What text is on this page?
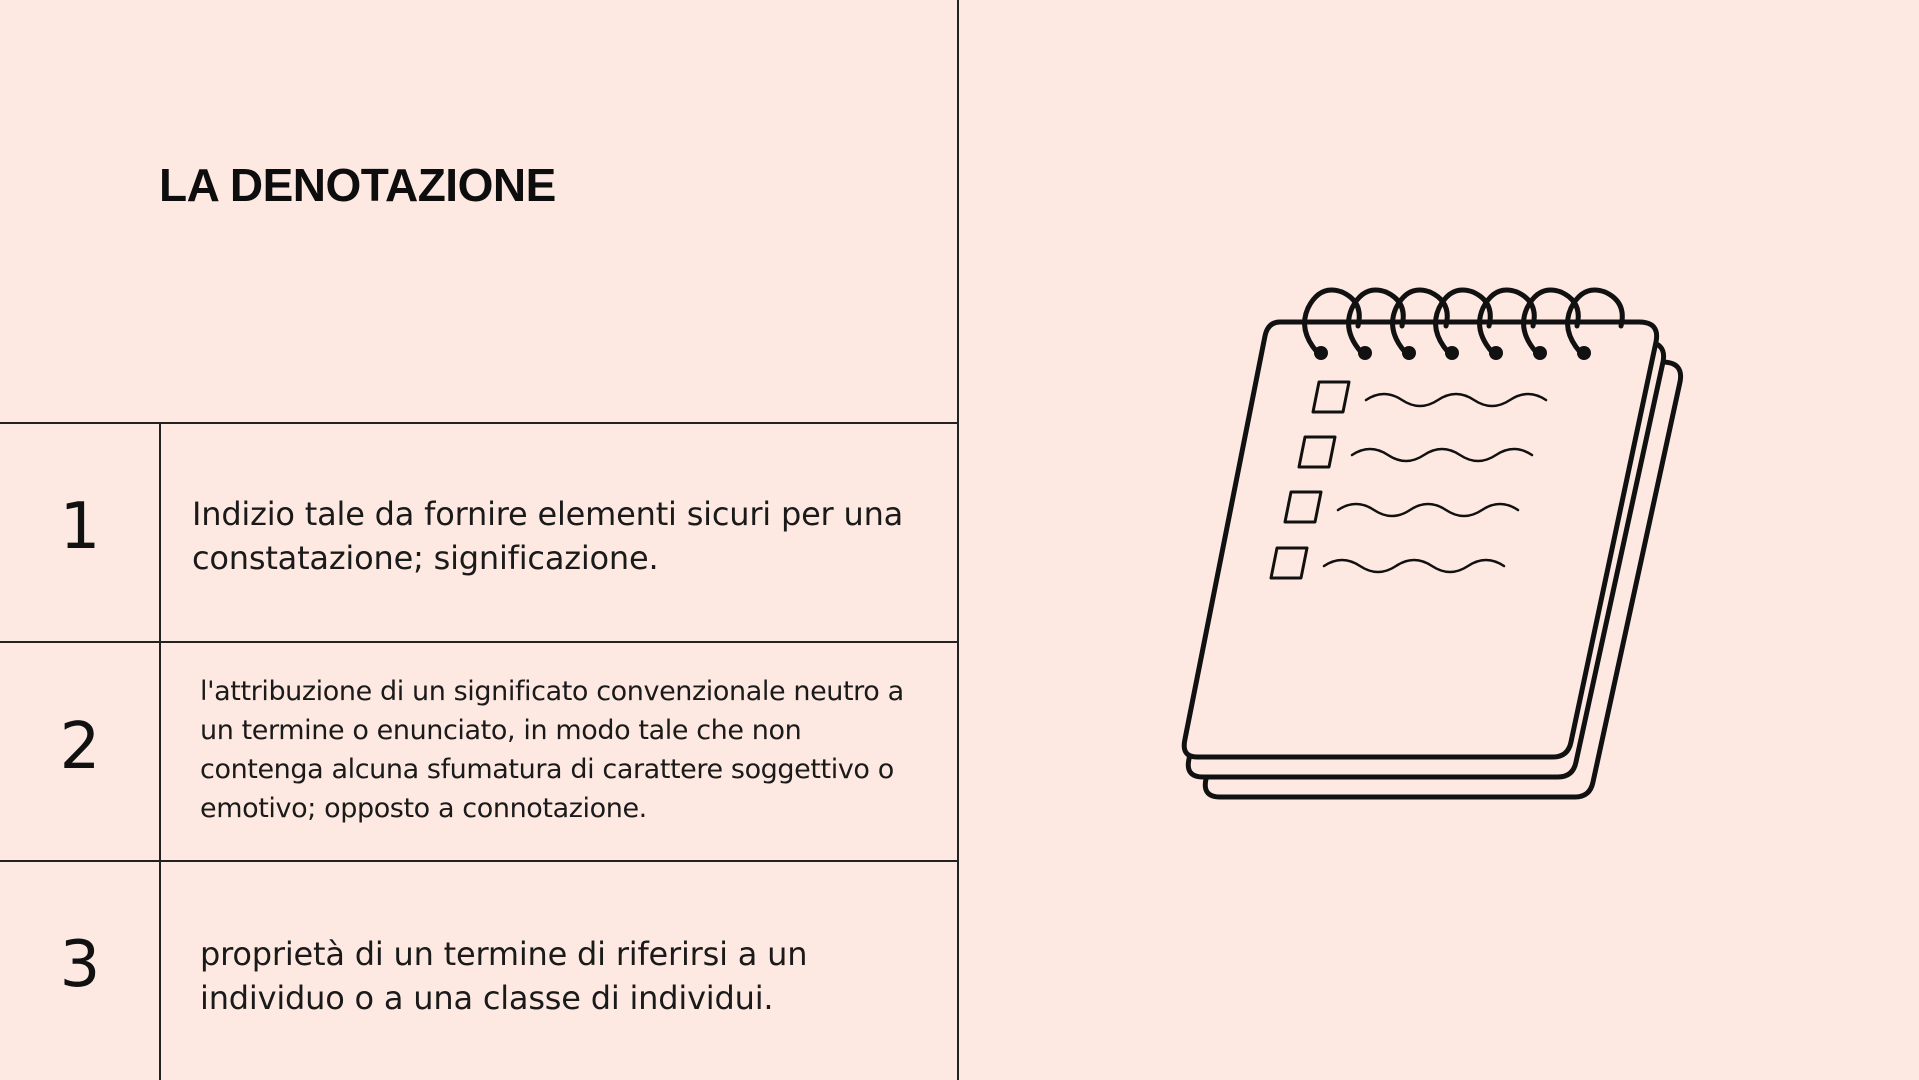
LA DENOTAZIONE
1
2
3
Indizio tale da fornire elementi sicuri per una
constatazione; significazione.
l'attribuzione di un significato convenzionale neutro a
un termine o enunciato, in modo tale che non
contenga alcuna sfumatura di carattere soggettivo o
emotivo; opposto a connotazione.
proprietà di un termine di riferirsi a un
individuo o a una classe di individui.
